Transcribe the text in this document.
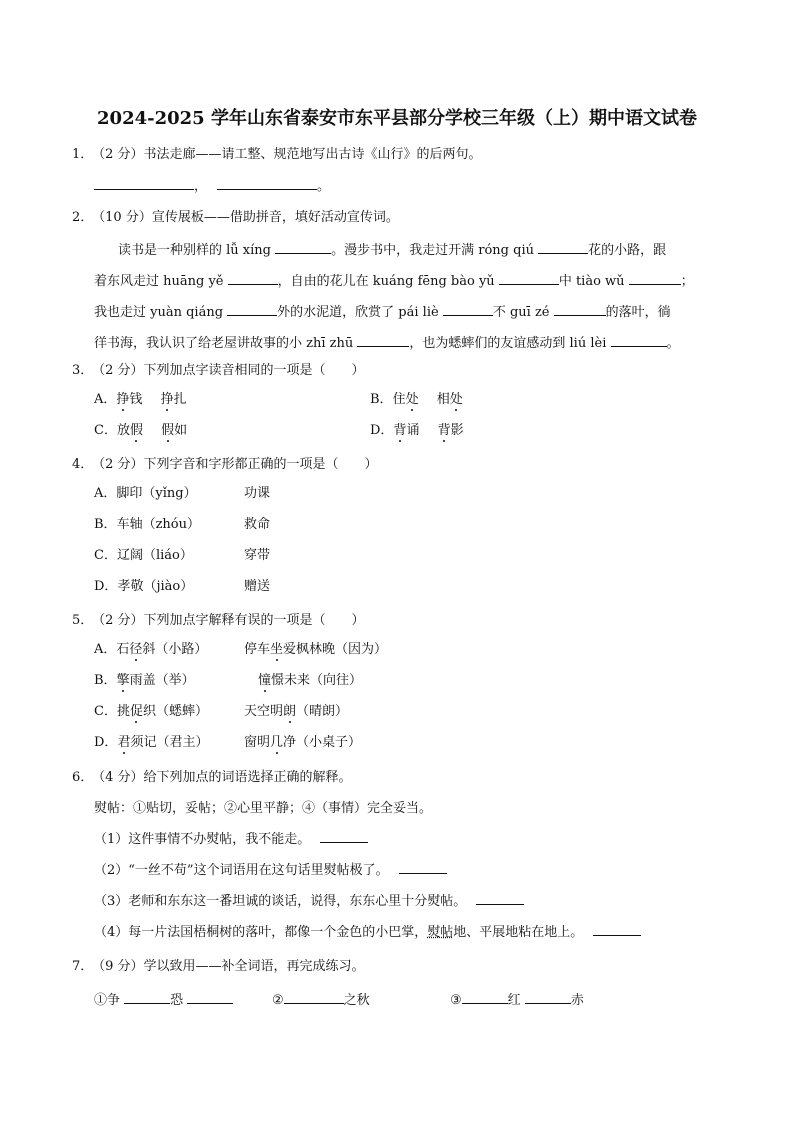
2024-2025 学年山东省泰安市东平县部分学校三年级（上）期中语文试卷
1． （2 分）书法走廊——请工整、规范地写出古诗《山行》的后两句。
，	。
2． （10 分）宣传展板——借助拼音，填好活动宣传词。
读书是一种别样的 lǚ xíng	。漫步书中，我走过开满 róng qiú	花的小路，跟
着东风走过 huāng yě	，自由的花儿在 kuáng fēng bào yǔ	中 tiào wǔ	；
我也走过 yuàn qiáng	外的水泥道，欣赏了 pái liè	不 guī zé	的落叶，徜
徉书海，我认识了给老屋讲故事的小 zhī zhū	，也为蟋蟀们的友谊感动到 liú lèi	。
3． （2 分）下列加点字读音相同的一项是（　　）
A．挣钱 挣扎	B．住处 相处
C．放假 假如	D．背诵 背影
4． （2 分）下列字音和字形都正确的一项是（　　）
A．脚印（yǐng）	功课
B．车轴（zhóu）	救命
C．辽阔（liáo）	穿带
D．孝敬（jiào）	赠送
5． （2 分）下列加点字解释有误的一项是（　　）
A．石径斜（小路）	停车坐爱枫林晚（因为）
B．擎雨盖（举）	憧憬未来（向往）
C．挑促织（蟋蟀）	天空明朗（晴朗）
D．君须记（君主）	窗明几净（小桌子）
6． （4 分）给下列加点的词语选择正确的解释。
熨帖：①贴切，妥帖；②心里平静；④（事情）完全妥当。
（1）这件事情不办熨帖，我不能走。
（2）“一丝不苟”这个词语用在这句话里熨帖极了。
（3）老师和东东这一番坦诚的谈话，说得，东东心里十分熨帖。
（4）每一片法国梧桐树的落叶，都像一个金色的小巴掌，熨帖地、平展地粘在地上。
7． （9 分）学以致用——补全词语，再完成练习。
①争	恐	②	之秋	③	红	赤
